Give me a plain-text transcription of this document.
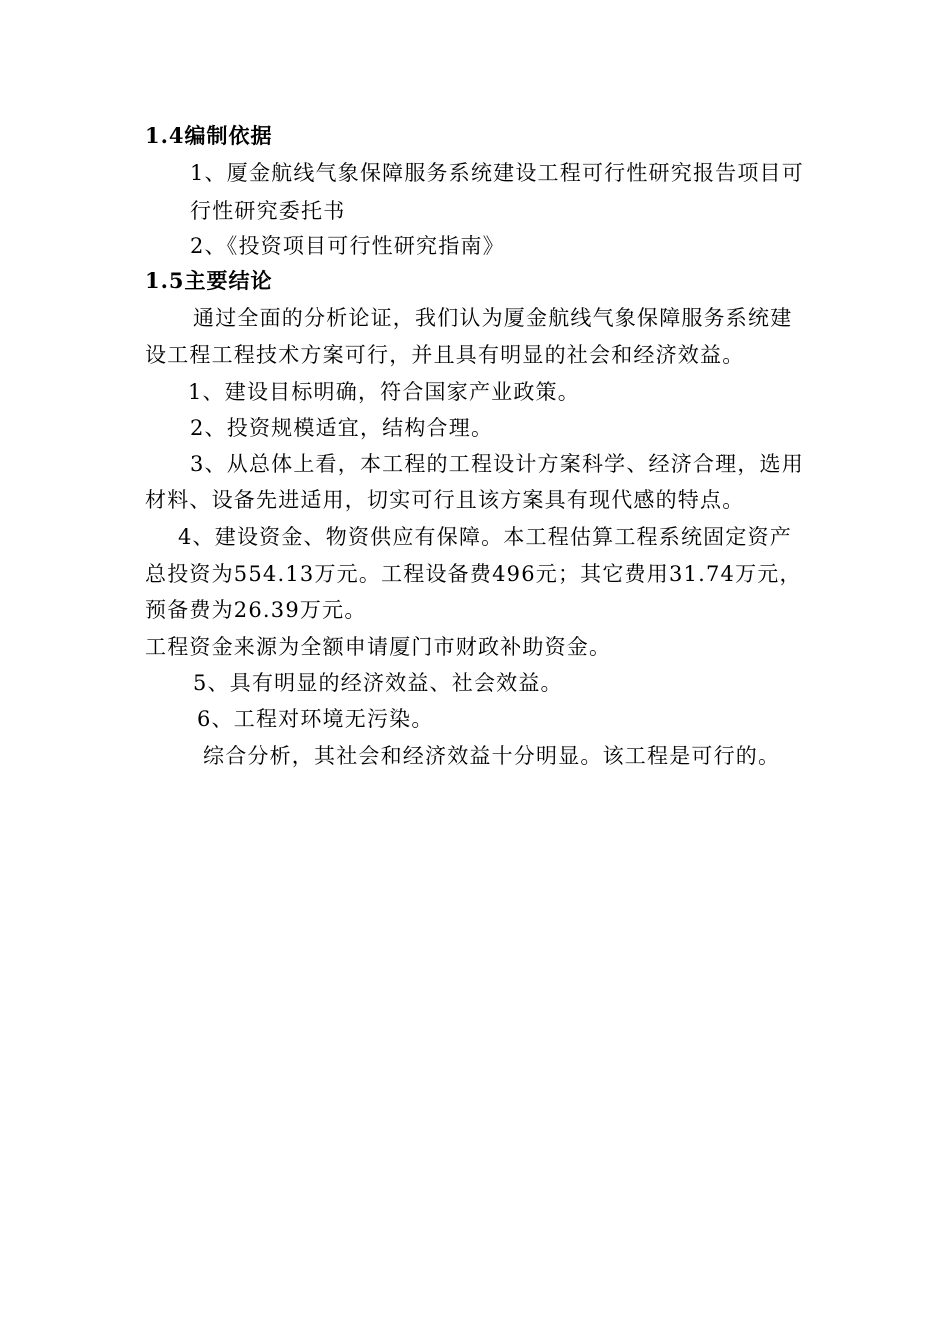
1.4编制依据
1、厦金航线气象保障服务系统建设工程可行性研究报告项目可
行性研究委托书
2、《投资项目可行性研究指南》
1.5主要结论
通过全面的分析论证，我们认为厦金航线气象保障服务系统建
设工程工程技术方案可行，并且具有明显的社会和经济效益。
1、建设目标明确，符合国家产业政策。
2、投资规模适宜，结构合理。
3、从总体上看，本工程的工程设计方案科学、经济合理，选用
材料、设备先进适用，切实可行且该方案具有现代感的特点。
4、建设资金、物资供应有保障。本工程估算工程系统固定资产
总投资为554.13万元。工程设备费496元；其它费用31.74万元，
预备费为26.39万元。
工程资金来源为全额申请厦门市财政补助资金。
5、具有明显的经济效益、社会效益。
6、工程对环境无污染。
综合分析，其社会和经济效益十分明显。该工程是可行的。
